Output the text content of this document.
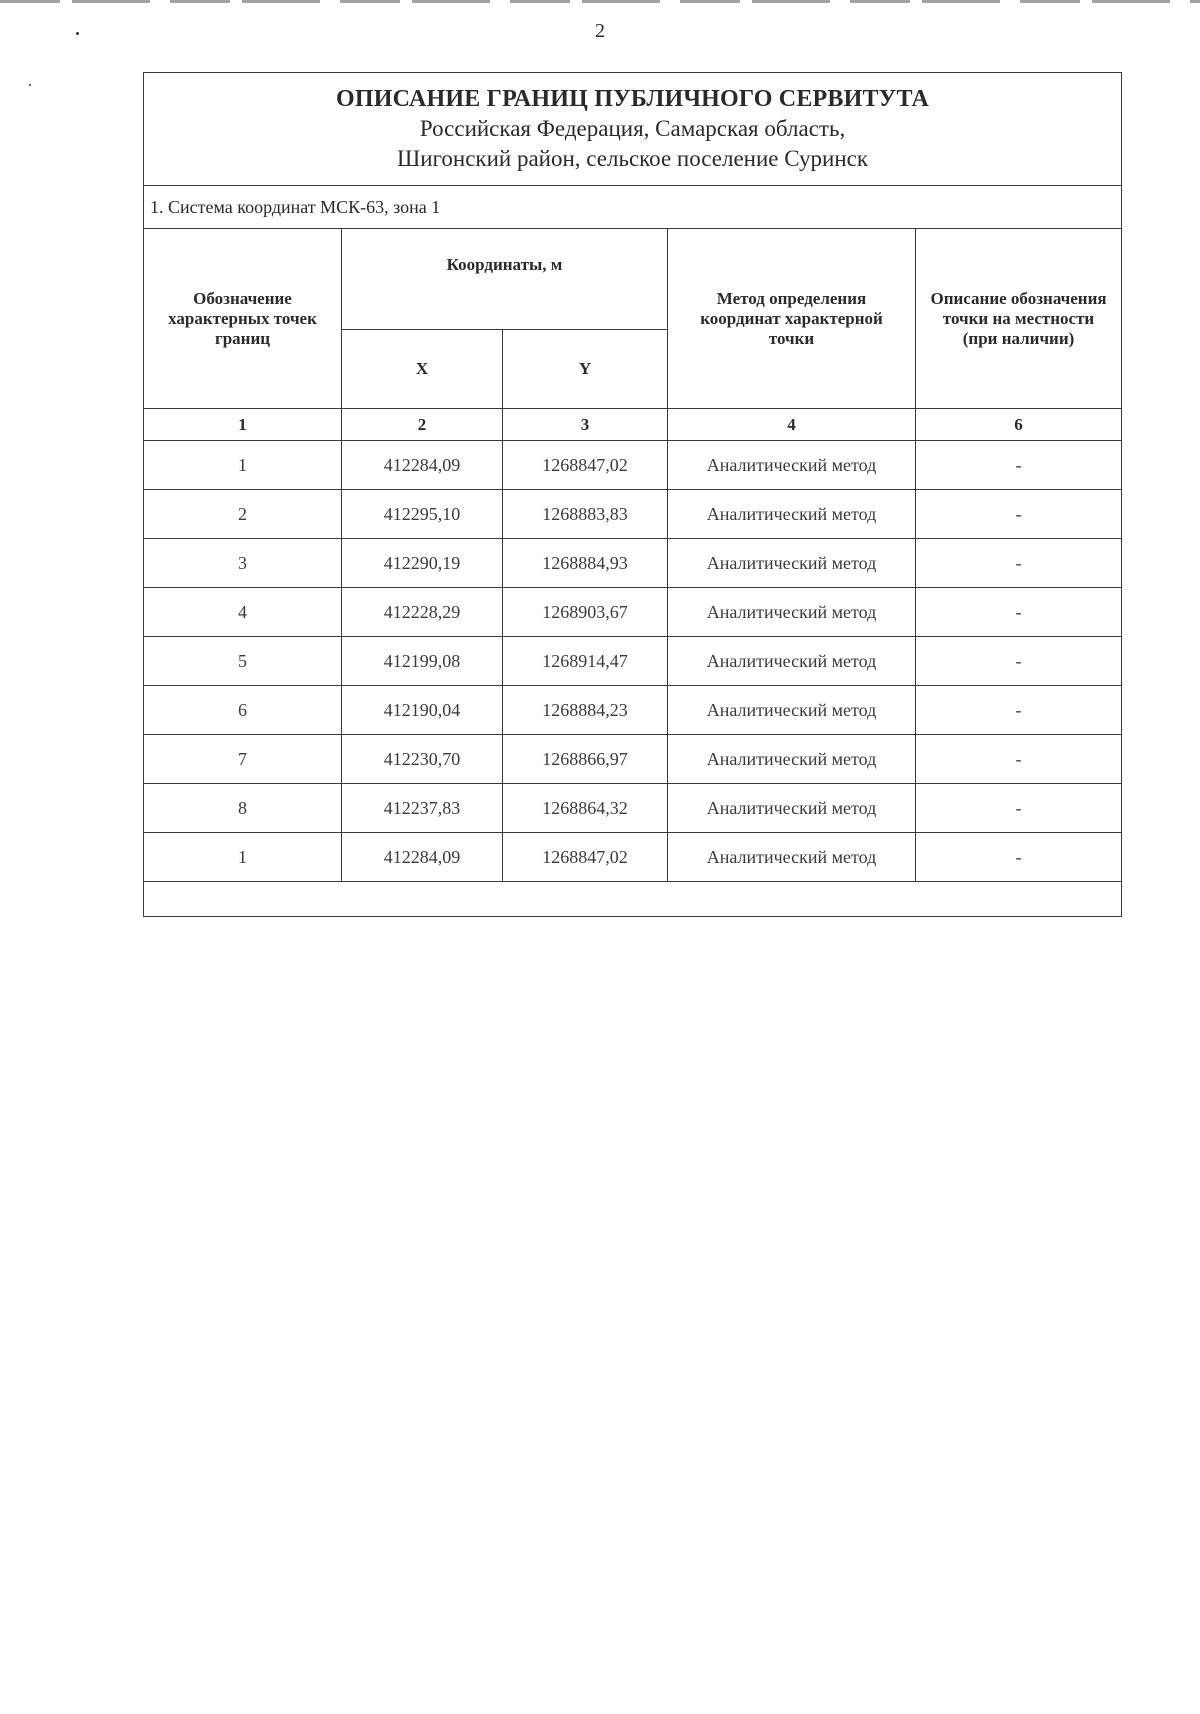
2
ОПИСАНИЕ ГРАНИЦ ПУБЛИЧНОГО СЕРВИТУТА
Российская Федерация, Самарская область,
Шигонский район, сельское поселение Суринск				

1. Система координат МСК-63, зона 1				
Обозначение характерных точек границ	Координаты, м		Метод определения координат характерной точки	Описание обозначения точки на местности (при наличии)
	X	Y		
1	2	3	4	6
1	412284,09	1268847,02	Аналитический метод	-
2	412295,10	1268883,83	Аналитический метод	-
3	412290,19	1268884,93	Аналитический метод	-
4	412228,29	1268903,67	Аналитический метод	-
5	412199,08	1268914,47	Аналитический метод	-
6	412190,04	1268884,23	Аналитический метод	-
7	412230,70	1268866,97	Аналитический метод	-
8	412237,83	1268864,32	Аналитический метод	-
1	412284,09	1268847,02	Аналитический метод	-
